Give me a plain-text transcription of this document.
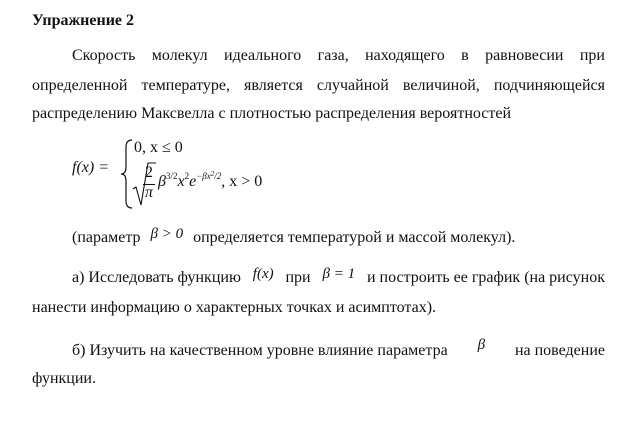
Упражнение 2
Скорость молекул идеального газа, находящего в равновесии при
определенной температуре, является случайной величиной, подчиняющейся
распределению Максвелла с плотностью распределения вероятностей
f(x) =
0, x ≤ 0
2
π
$\beta^{3/2}x^2e^{-\beta x^2/2}$, x > 0
(параметр β > 0 определяется температурой и массой молекул).
а) Исследовать функцию f(x) при β = 1 и построить ее график (на рисунок
нанести информацию о характерных точках и асимптотах).
б) Изучить на качественном уровне влияние параметра β на поведение
функции.
